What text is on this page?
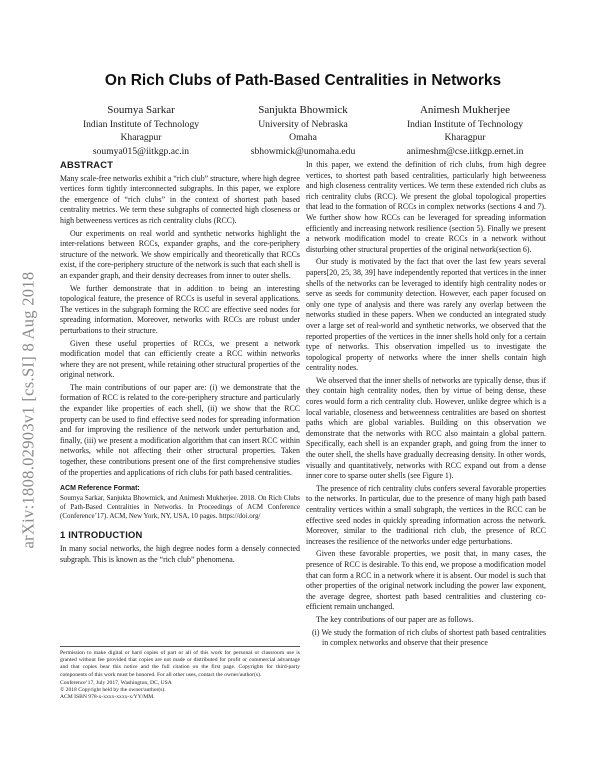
arXiv:1808.02903v1 [cs.SI] 8 Aug 2018
On Rich Clubs of Path-Based Centralities in Networks
Soumya Sarkar
Indian Institute of Technology
Kharagpur
soumya015@iitkgp.ac.in
Sanjukta Bhowmick
University of Nebraska
Omaha
sbhowmick@unomaha.edu
Animesh Mukherjee
Indian Institute of Technology
Kharagpur
animeshm@cse.iitkgp.ernet.in
ABSTRACT

Many scale-free networks exhibit a “rich club” structure, where high degree vertices form tightly interconnected subgraphs. In this paper, we explore the emergence of “rich clubs” in the context of shortest path based centrality metrics. We term these subgraphs of connected high closeness or high betweeness vertices as rich centrality clubs (RCC).

Our experiments on real world and synthetic networks highlight the inter-relations between RCCs, expander graphs, and the core-periphery structure of the network. We show empirically and theoretically that RCCs exist, if the core-periphery structure of the network is such that each shell is an expander graph, and their density decreases from inner to outer shells.

We further demonstrate that in addition to being an interesting topological feature, the presence of RCCs is useful in several applications. The vertices in the subgraph forming the RCC are effective seed nodes for spreading information. Moreover, networks with RCCs are robust under perturbations to their structure.

Given these useful properties of RCCs, we present a network modification model that can efficiently create a RCC within networks where they are not present, while retaining other structural properties of the original network.

The main contributions of our paper are: (i) we demonstrate that the formation of RCC is related to the core-periphery structure and particularly the expander like properties of each shell, (ii) we show that the RCC property can be used to find effective seed nodes for spreading information and for improving the resilience of the network under perturbation and, finally, (iii) we present a modification algorithm that can insert RCC within networks, while not affecting their other structural properties. Taken together, these contributions present one of the first comprehensive studies of the properties and applications of rich clubs for path based centralities.

ACM Reference Format:
Soumya Sarkar, Sanjukta Bhowmick, and Animesh Mukherjee. 2018. On Rich Clubs of Path-Based Centralities in Networks. In Proceedings of ACM Conference (Conference’17). ACM, New York, NY, USA, 10 pages. https://doi.org/
1 INTRODUCTION

In many social networks, the high degree nodes form a densely connected subgraph. This is known as the “rich club” phenomena.

Permission to make digital or hard copies of part or all of this work for personal or classroom use is granted without fee provided that copies are not made or distributed for profit or commercial advantage and that copies bear this notice and the full citation on the first page. Copyrights for third-party components of this work must be honored. For all other uses, contact the owner/author(s).
Conference’17, July 2017, Washington, DC, USA
© 2018 Copyright held by the owner/author(s).
ACM ISBN 978-x-xxxx-xxxx-x/YY/MM.

In this paper, we extend the definition of rich clubs, from high degree vertices, to shortest path based centralities, particularly high betweeness and high closeness centrality vertices. We term these extended rich clubs as rich centrality clubs (RCC). We present the global topological properties that lead to the formation of RCCs in complex networks (sections 4 and 7). We further show how RCCs can be leveraged for spreading information efficiently and increasing network resilience (section 5). Finally we present a network modification model to create RCCs in a network without disturbing other structural properties of the original network(section 6).

Our study is motivated by the fact that over the last few years several papers[20, 25, 38, 39] have independently reported that vertices in the inner shells of the networks can be leveraged to identify high centrality nodes or serve as seeds for community detection. However, each paper focused on only one type of analysis and there was rarely any overlap between the networks studied in these papers. When we conducted an integrated study over a large set of real-world and synthetic networks, we observed that the reported properties of the vertices in the inner shells hold only for a certain type of networks. This observation impelled us to investigate the topological property of networks where the inner shells contain high centrality nodes.

We observed that the inner shells of networks are typically dense, thus if they contain high centrality nodes, then by virtue of being dense, these cores would form a rich centrality club. However, unlike degree which is a local variable, closeness and betweenness centralities are based on shortest paths which are global variables. Building on this observation we demonstrate that the networks with RCC also maintain a global pattern. Specifically, each shell is an expander graph, and going from the inner to the outer shell, the shells have gradually decreasing density. In other words, visually and quantitatively, networks with RCC expand out from a dense inner core to sparse outer shells (see Figure 1).

The presence of rich centrality clubs confers several favorable properties to the networks. In particular, due to the presence of many high path based centrality vertices within a small subgraph, the vertices in the RCC can be effective seed nodes in quickly spreading information across the network. Moreover, similar to the traditional rich club, the presence of RCC increases the resilience of the networks under edge perturbations.

Given these favorable properties, we posit that, in many cases, the presence of RCC is desirable. To this end, we propose a modification model that can form a RCC in a network where it is absent. Our model is such that other properties of the original network including the power law exponent, the average degree, shortest path based centralities and clustering co-efficient remain unchanged.

The key contributions of our paper are as follows.

(i) We study the formation of rich clubs of shortest path based centralities in complex networks and observe that their presence
